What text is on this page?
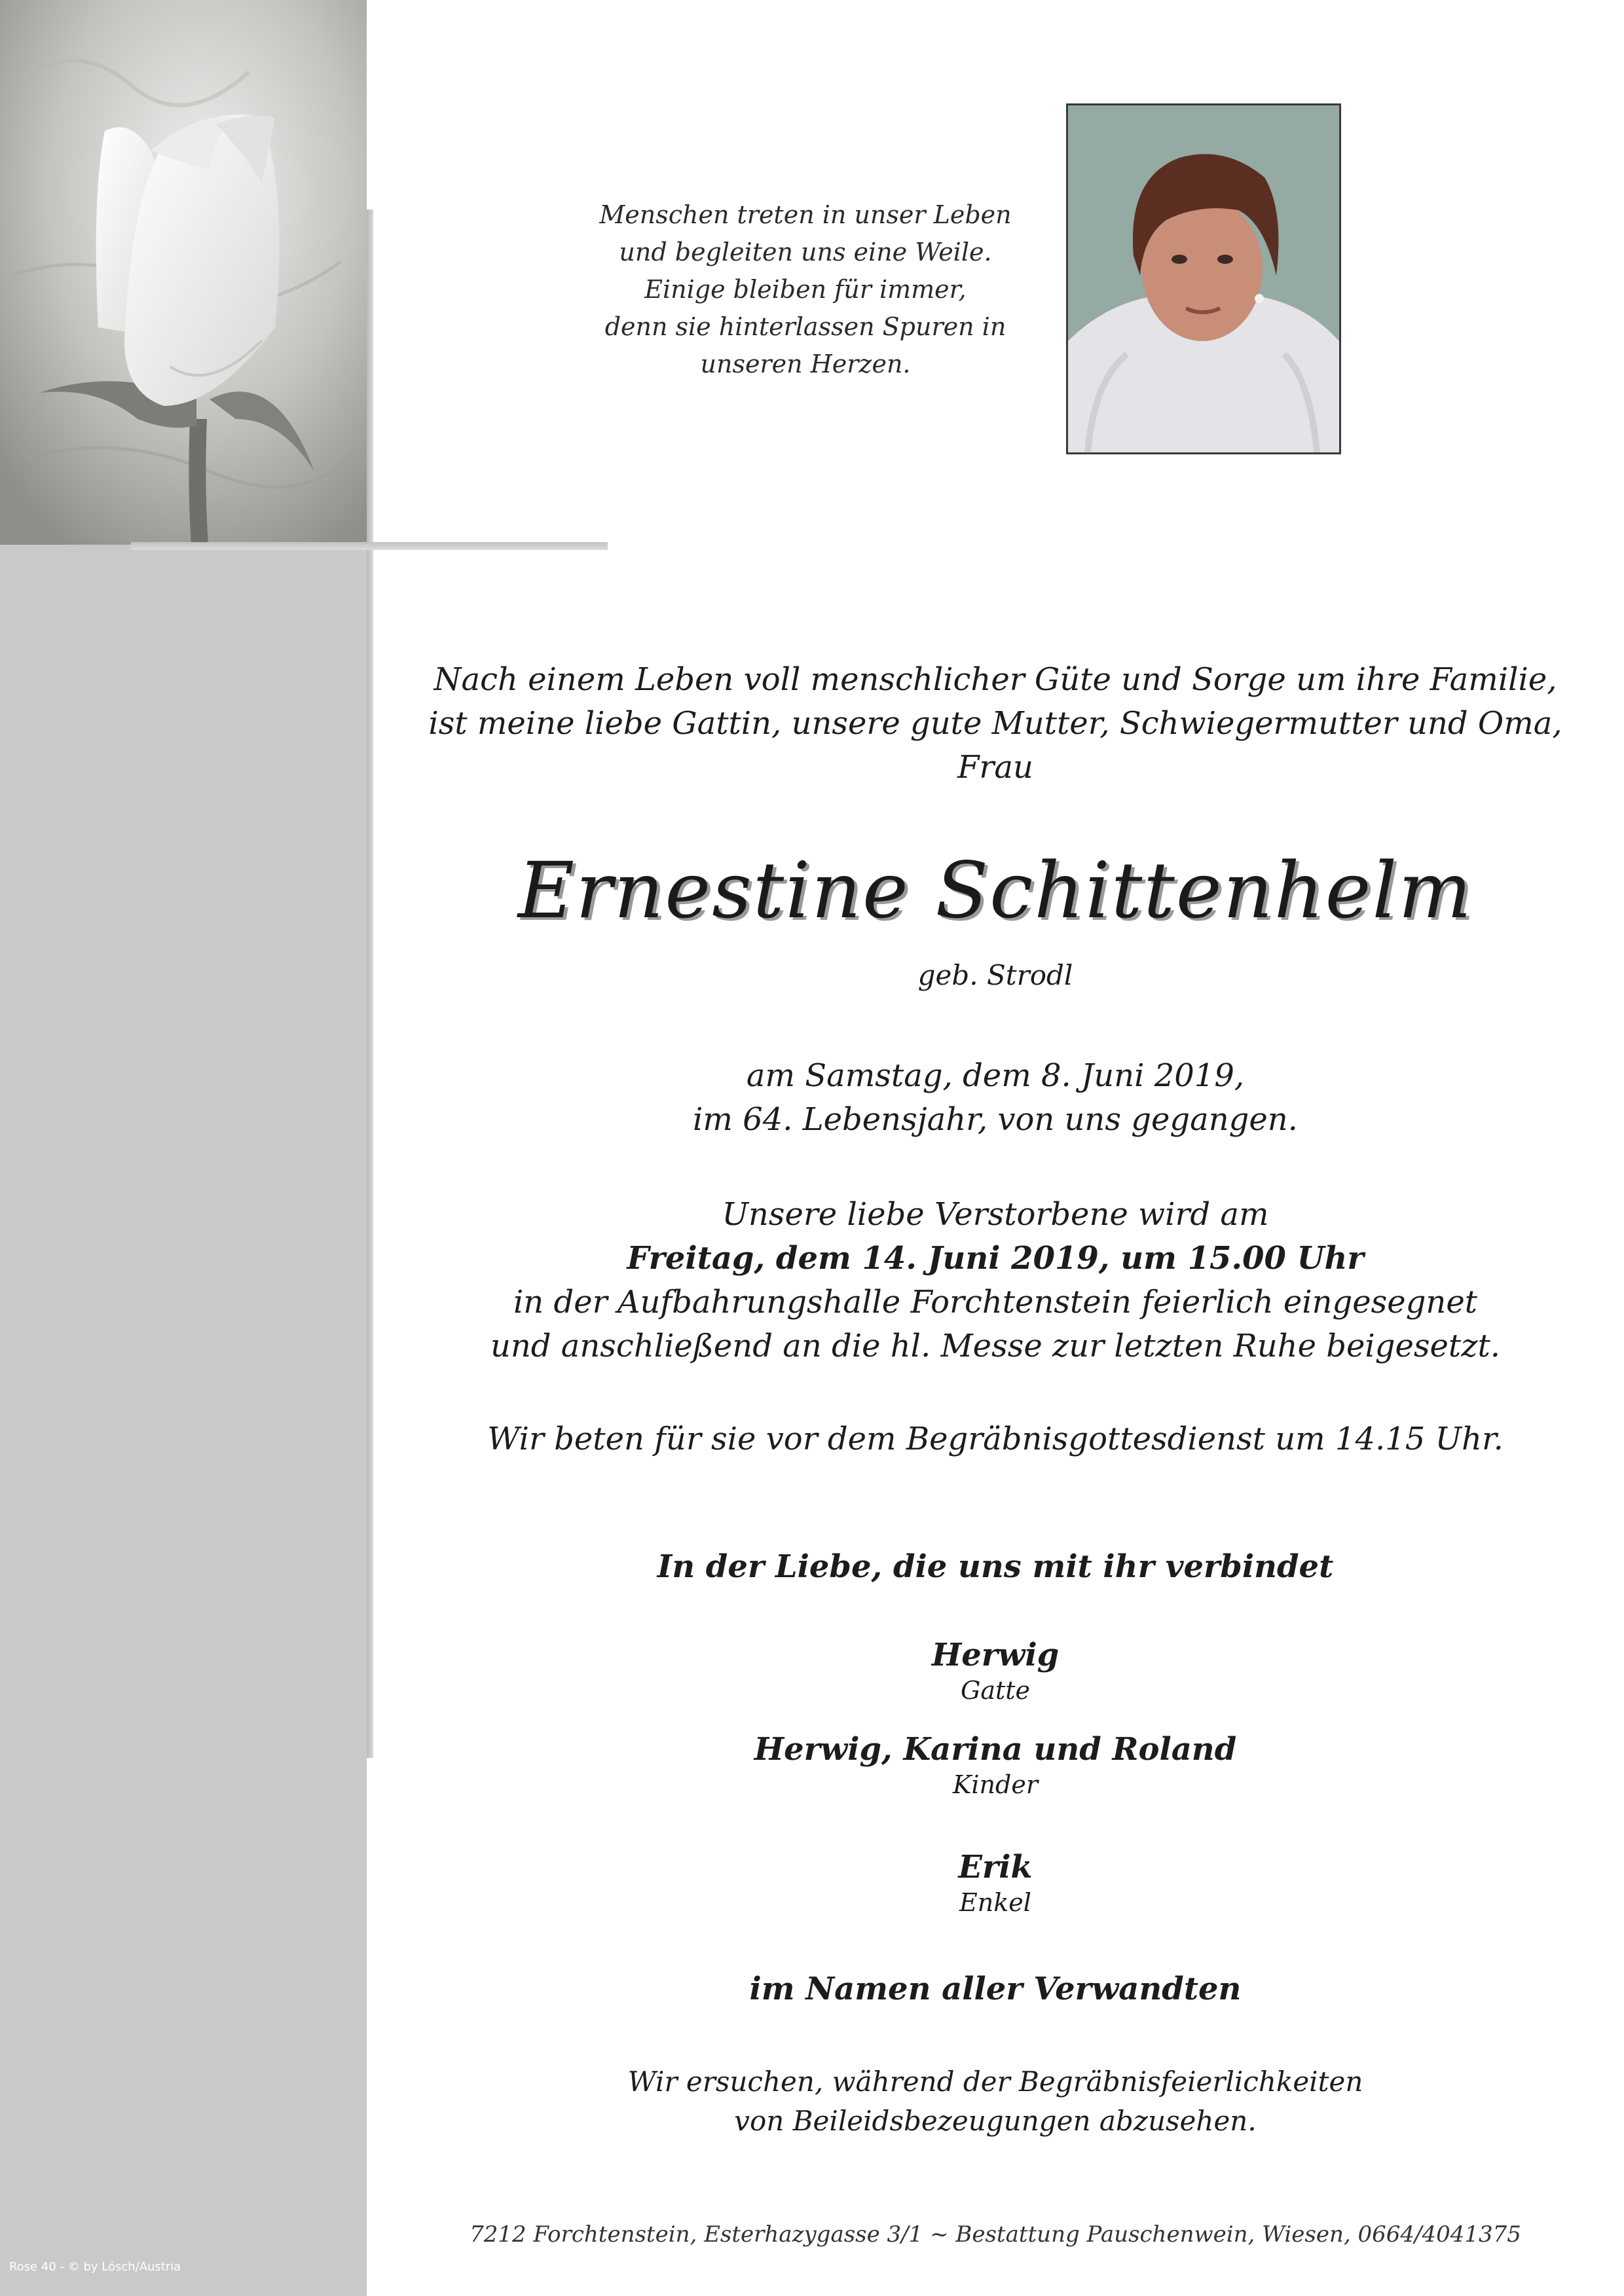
Menschen treten in unser Leben
und begleiten uns eine Weile.
Einige bleiben für immer,
denn sie hinterlassen Spuren in
unseren Herzen.
Nach einem Leben voll menschlicher Güte und Sorge um ihre Familie,
ist meine liebe Gattin, unsere gute Mutter, Schwiegermutter und Oma,
Frau
Ernestine Schittenhelm
geb. Strodl
am Samstag, dem 8. Juni 2019,
im 64. Lebensjahr, von uns gegangen.
Unsere liebe Verstorbene wird am
Freitag, dem 14. Juni 2019, um 15.00 Uhr
in der Aufbahrungshalle Forchtenstein feierlich eingesegnet
und anschließend an die hl. Messe zur letzten Ruhe beigesetzt.
Wir beten für sie vor dem Begräbnisgottesdienst um 14.15 Uhr.
In der Liebe, die uns mit ihr verbindet
Herwig
Gatte
Herwig, Karina und Roland
Kinder
Erik
Enkel
im Namen aller Verwandten
Wir ersuchen, während der Begräbnisfeierlichkeiten
von Beileidsbezeugungen abzusehen.
7212 Forchtenstein, Esterhazygasse 3/1 ~ Bestattung Pauschenwein, Wiesen, 0664/4041375
Rose 40 - © by Lösch/Austria
